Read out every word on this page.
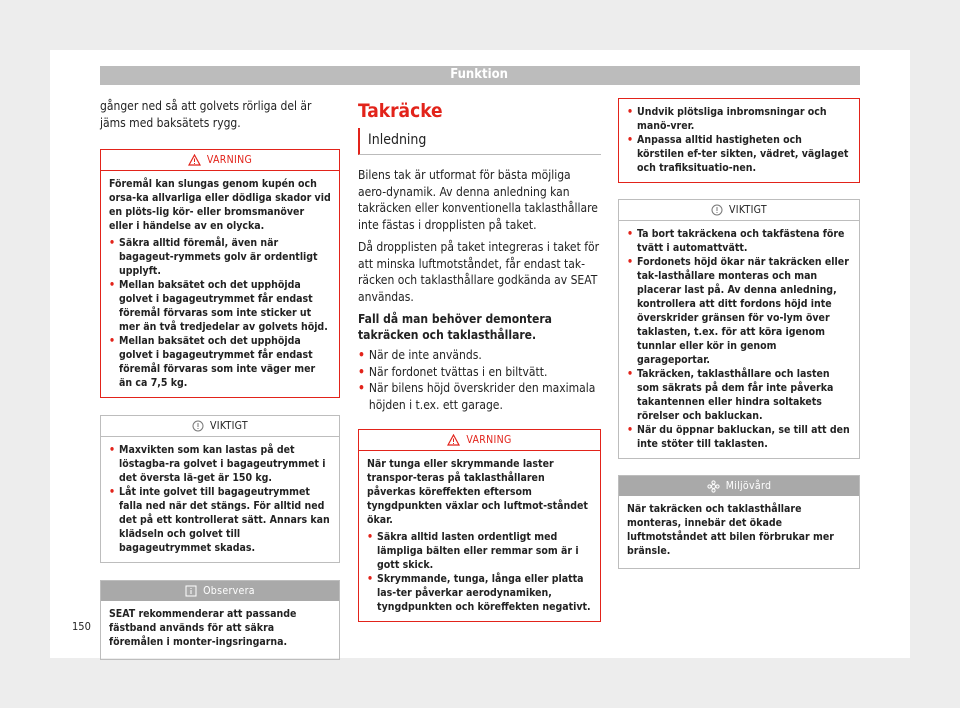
Funktion

gånger ned så att golvets rörliga del är jäms med baksätets rygg.

VARNING

Föremål kan slungas genom kupén och orsa-ka allvarliga eller dödliga skador vid en plöts-lig kör- eller bromsmanöver eller i händelse av en olycka.

• Säkra alltid föremål, även när bagageut-rymmets golv är ordentligt upplyft.
• Mellan baksätet och det upphöjda golvet i bagageutrymmet får endast föremål förvaras som inte sticker ut mer än två tredjedelar av golvets höjd.
• Mellan baksätet och det upphöjda golvet i bagageutrymmet får endast föremål förvaras som inte väger mer än ca 7,5 kg.
VIKTIGT
• Maxvikten som kan lastas på det löstagba-ra golvet i bagageutrymmet i det översta lä-get är 150 kg.
• Låt inte golvet till bagageutrymmet falla ned när det stängs. För alltid ned det på ett kontrollerat sätt. Annars kan klädseln och golvet till bagageutrymmet skadas.
Observera

SEAT rekommenderar att passande fästband används för att säkra föremålen i monter-ingsringarna.

Takräcke
Inledning

Bilens tak är utformat för bästa möjliga aero-dynamik. Av denna anledning kan takräcken eller konventionella taklasthållare inte fästas i dropplisten på taket.

Då dropplisten på taket integreras i taket för att minska luftmotståndet, får endast tak-räcken och taklasthållare godkända av SEAT användas.

Fall då man behöver demontera takräcken och taklasthållare.
• När de inte används.
• När fordonet tvättas i en biltvätt.
• När bilens höjd överskrider den maximala höjden i t.ex. ett garage.
VARNING

När tunga eller skrymmande laster transpor-teras på taklasthållaren påverkas köreffekten eftersom tyngdpunkten växlar och luftmot-ståndet ökar.

• Säkra alltid lasten ordentligt med lämpliga bälten eller remmar som är i gott skick.
• Skrymmande, tunga, långa eller platta las-ter påverkar aerodynamiken, tyngdpunkten och köreffekten negativt.
• Undvik plötsliga inbromsningar och manö-vrer.
• Anpassa alltid hastigheten och körstilen ef-ter sikten, vädret, väglaget och trafiksituatio-nen.
VIKTIGT
• Ta bort takräckena och takfästena före tvätt i automattvätt.
• Fordonets höjd ökar när takräcken eller tak-lasthållare monteras och man placerar last på. Av denna anledning, kontrollera att ditt fordons höjd inte överskrider gränsen för vo-lym över taklasten, t.ex. för att köra igenom tunnlar eller kör in genom garageportar.
• Takräcken, taklasthållare och lasten som säkrats på dem får inte påverka takantennen eller hindra soltakets rörelser och bakluckan.
• När du öppnar bakluckan, se till att den inte stöter till taklasten.
Miljövård

När takräcken och taklasthållare monteras, innebär det ökade luftmotståndet att bilen förbrukar mer bränsle.

150
